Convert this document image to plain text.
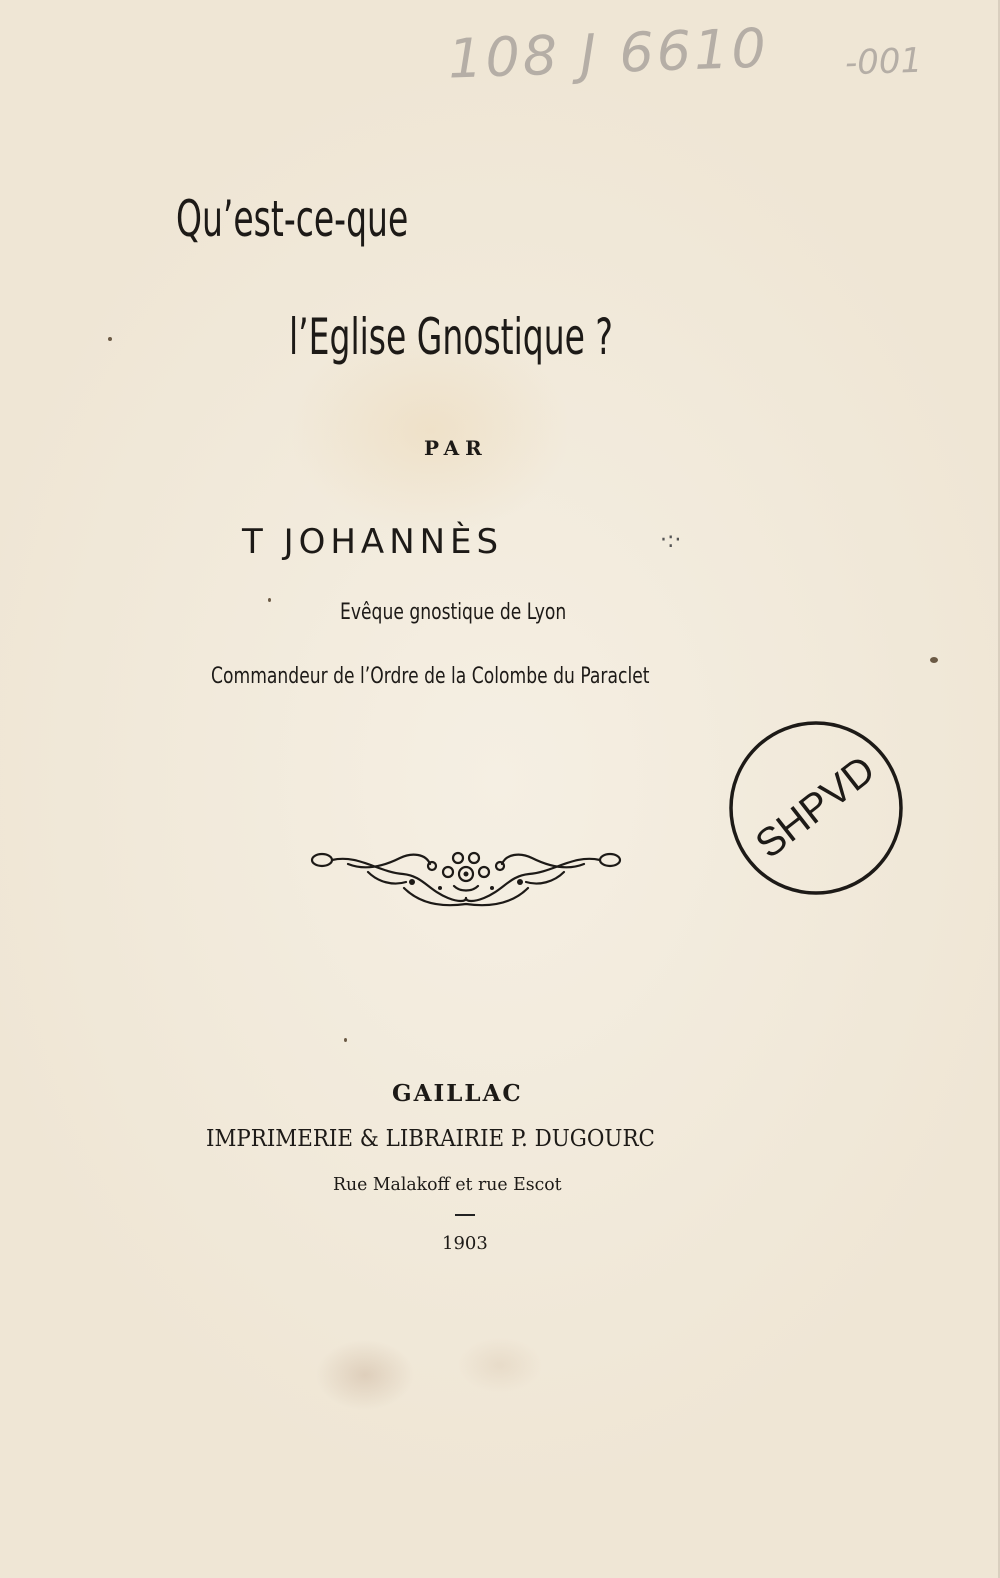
108 J 6610 -001
Qu’est-ce-que
l’Eglise Gnostique ?
PAR
T JOHANNÈS	·:·
Evêque gnostique de Lyon
Commandeur de l’Ordre de la Colombe du Paraclet
SHPVD
GAILLAC
IMPRIMERIE & LIBRAIRIE P. DUGOURC
Rue Malakoff et rue Escot
1903
